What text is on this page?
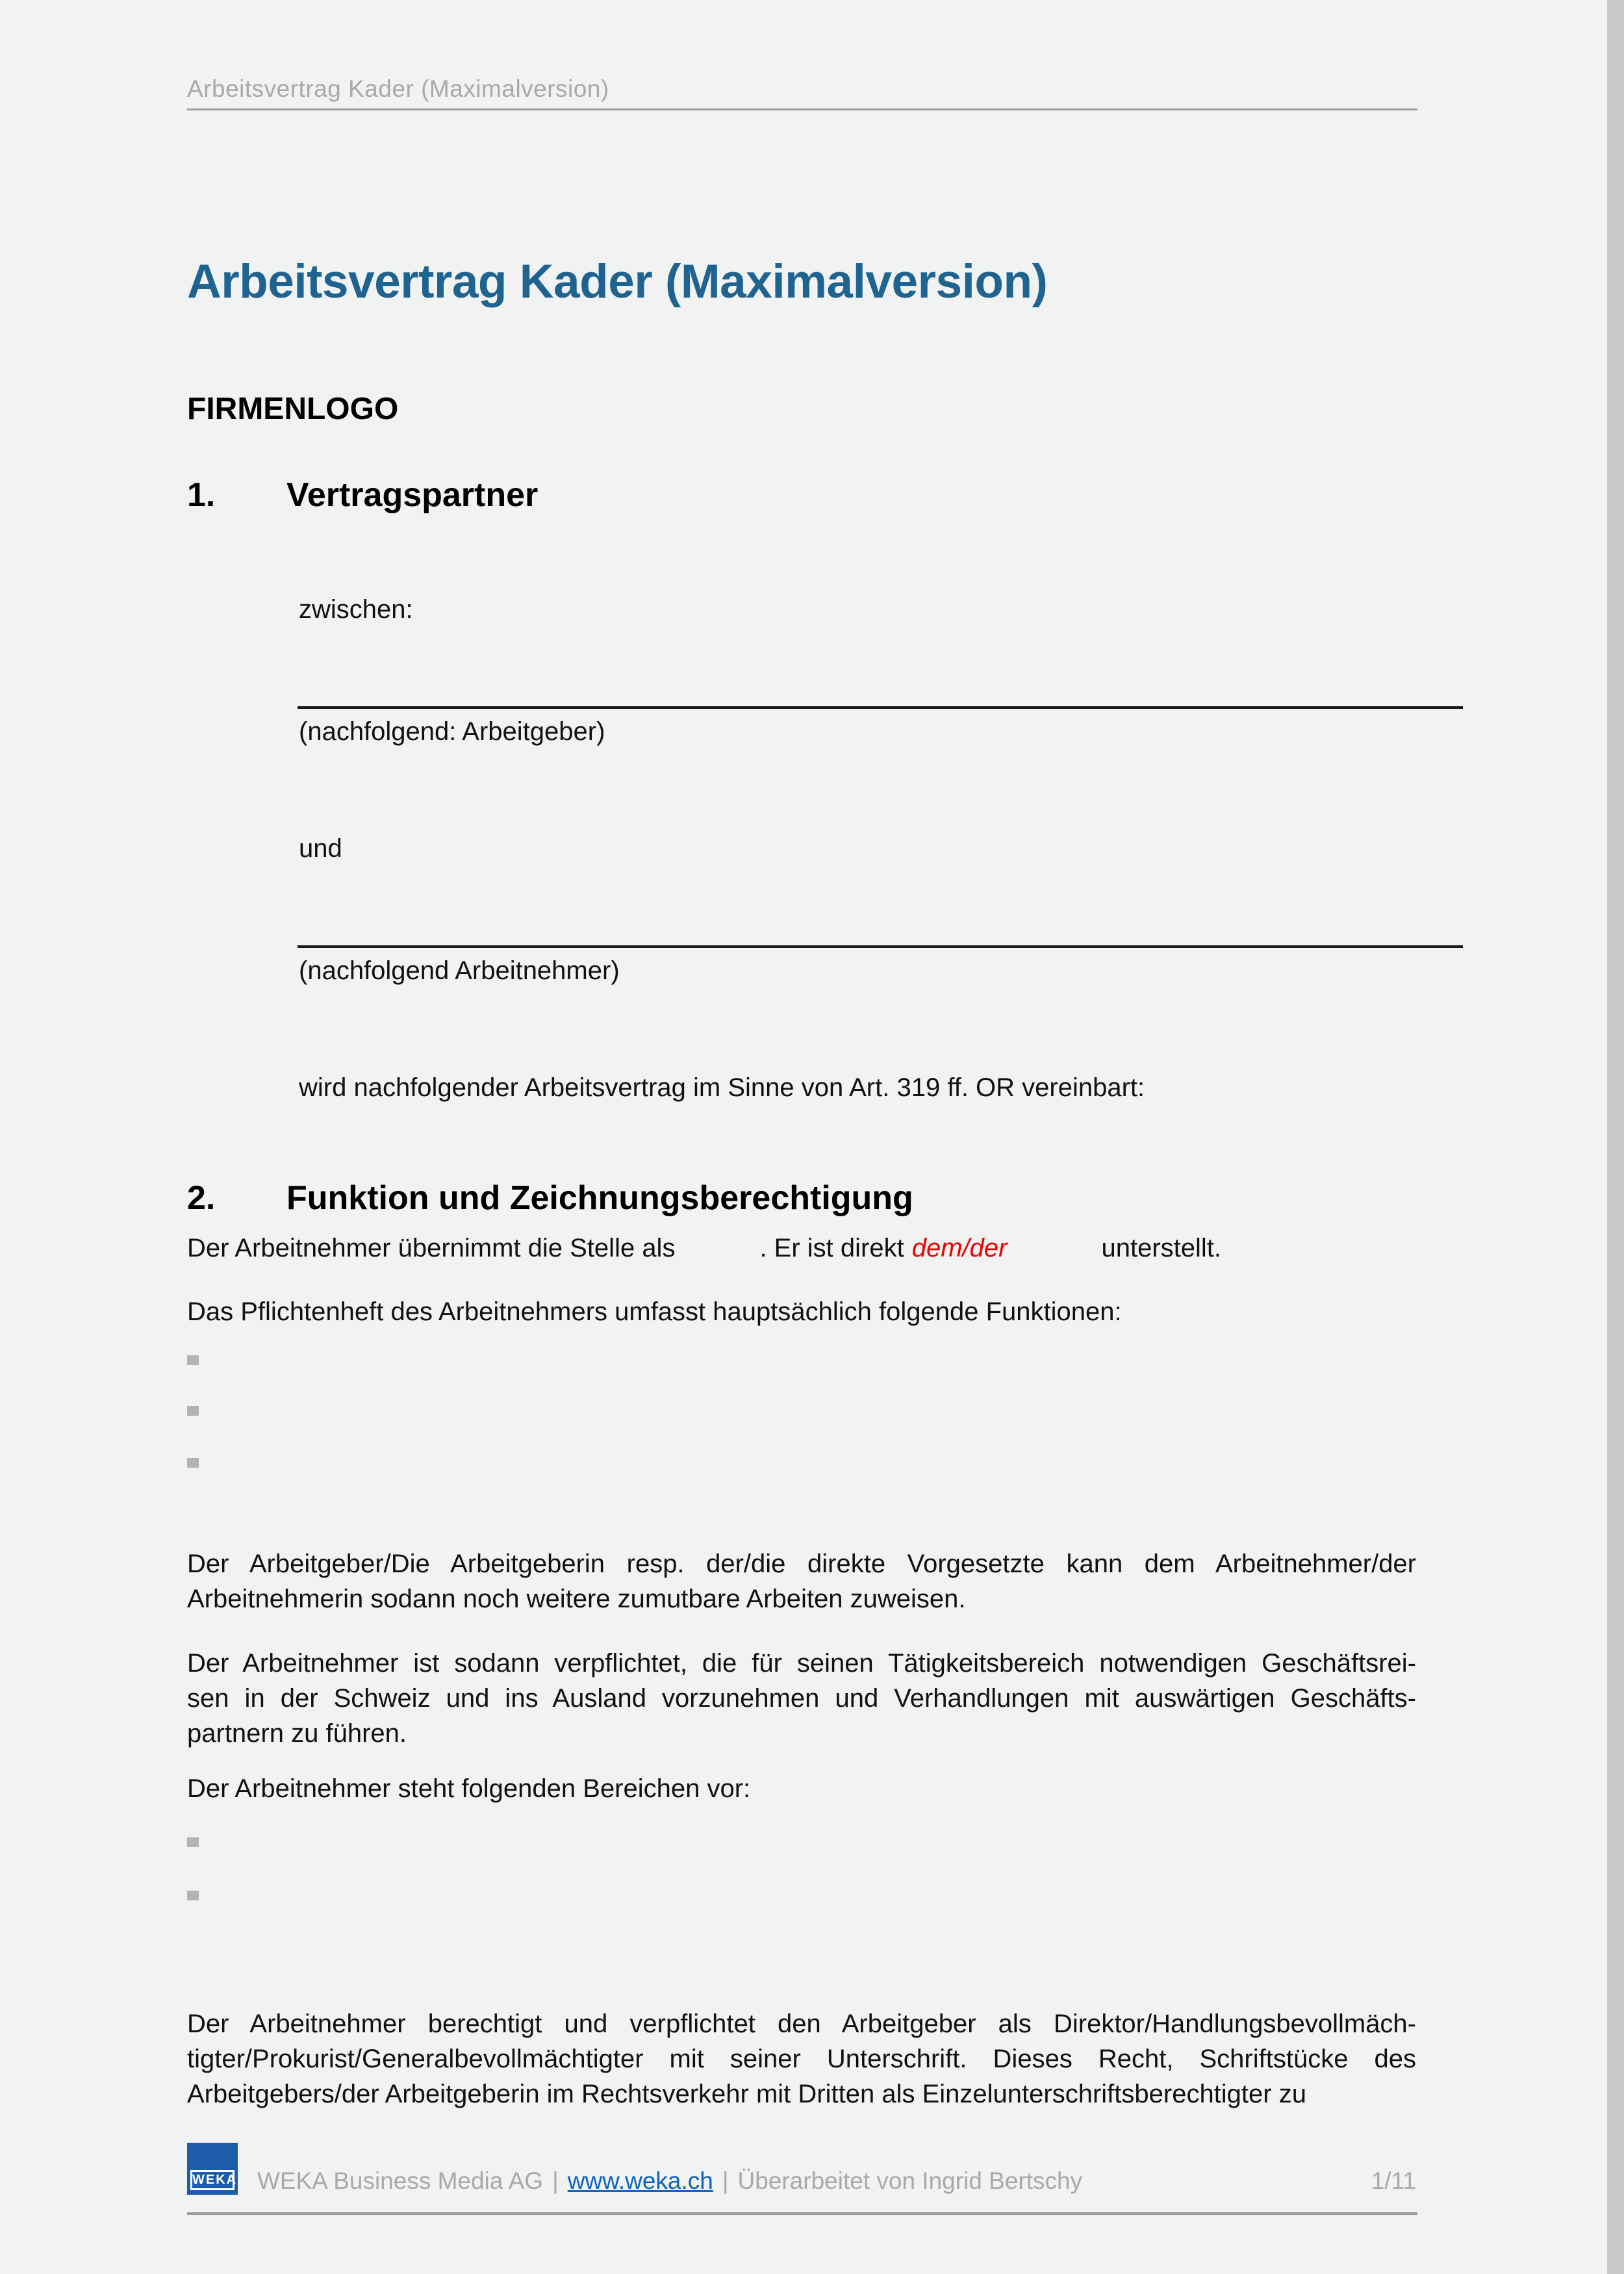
Arbeitsvertrag Kader (Maximalversion)
Arbeitsvertrag Kader (Maximalversion)
FIRMENLOGO
1. Vertragspartner
zwischen:
(nachfolgend: Arbeitgeber)
und
(nachfolgend Arbeitnehmer)
wird nachfolgender Arbeitsvertrag im Sinne von Art. 319 ff. OR vereinbart:
2. Funktion und Zeichnungsberechtigung
Der Arbeitnehmer übernimmt die Stelle als	. Er ist direkt dem/der	unterstellt.
Das Pflichtenheft des Arbeitnehmers umfasst hauptsächlich folgende Funktionen:
Der Arbeitgeber/Die Arbeitgeberin resp. der/die direkte Vorgesetzte kann dem Arbeitnehmer/der
Arbeitnehmerin sodann noch weitere zumutbare Arbeiten zuweisen.
Der Arbeitnehmer ist sodann verpflichtet, die für seinen Tätigkeitsbereich notwendigen Geschäftsrei-
sen in der Schweiz und ins Ausland vorzunehmen und Verhandlungen mit auswärtigen Geschäfts-
partnern zu führen.
Der Arbeitnehmer steht folgenden Bereichen vor:
Der Arbeitnehmer berechtigt und verpflichtet den Arbeitgeber als Direktor/Handlungsbevollmäch-
tigter/Prokurist/Generalbevollmächtigter mit seiner Unterschrift. Dieses Recht, Schriftstücke des
Arbeitgebers/der Arbeitgeberin im Rechtsverkehr mit Dritten als Einzelunterschriftsberechtigter zu
WEKA WEKA Business Media AG | www.weka.ch | Überarbeitet von Ingrid Bertschy	1/11
